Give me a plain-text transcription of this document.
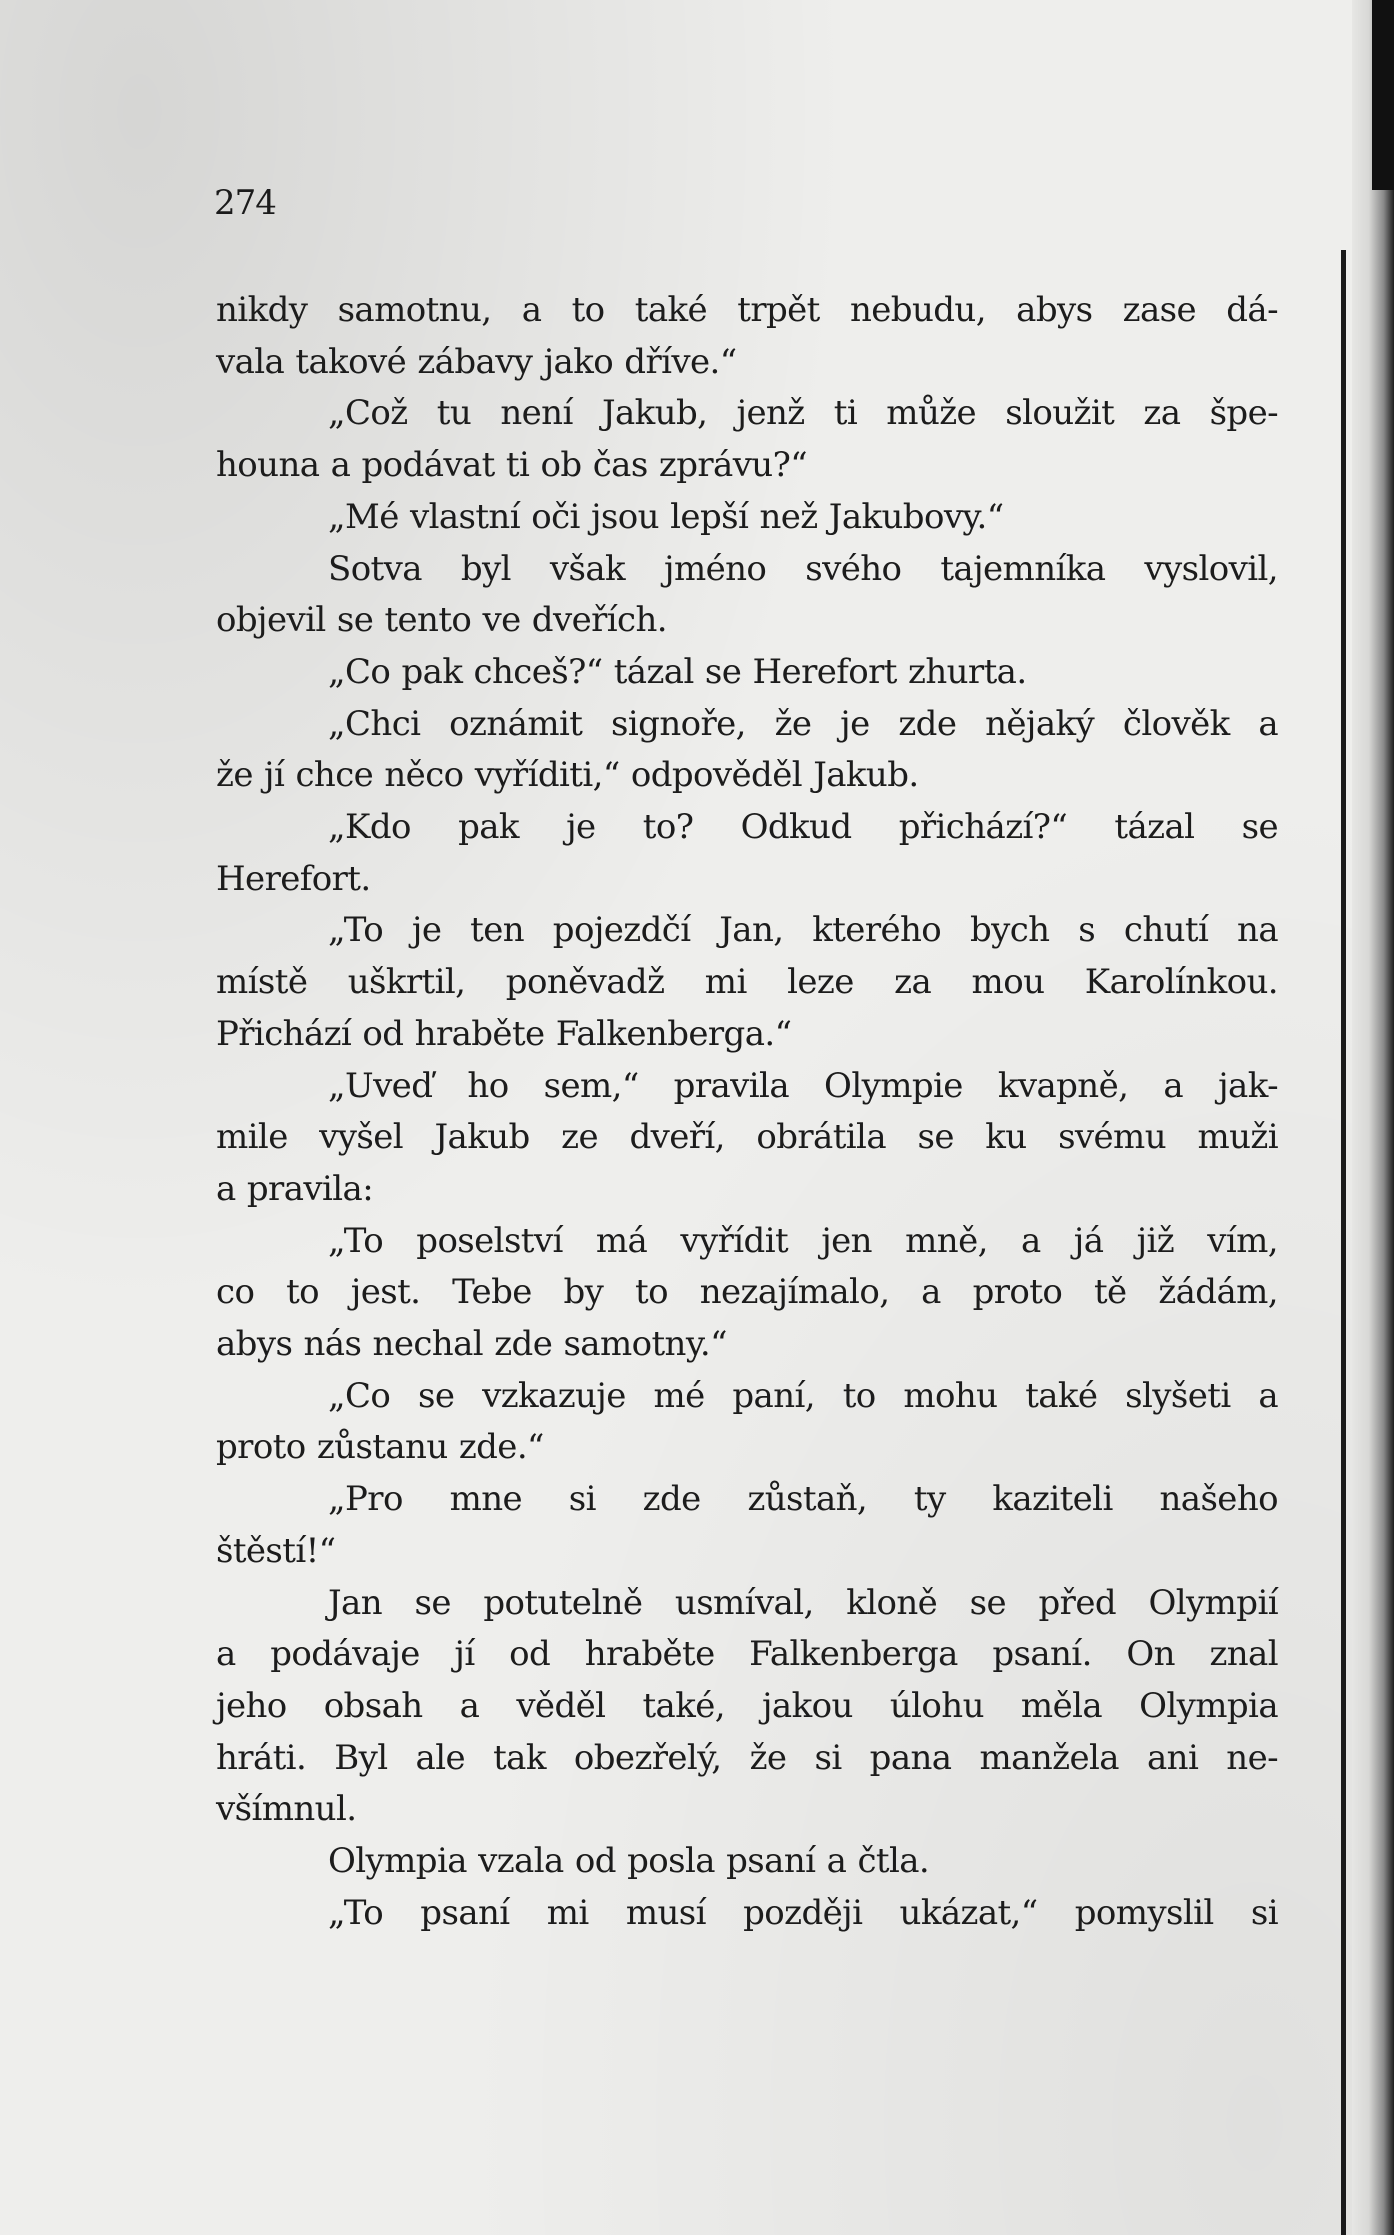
274
nikdy samotnu, a to také trpět nebudu, abys zase dá-
vala takové zábavy jako dříve.“
„Což tu není Jakub, jenž ti může sloužit za špe-
houna a podávat ti ob čas zprávu?“
„Mé vlastní oči jsou lepší než Jakubovy.“
Sotva byl však jméno svého tajemníka vyslovil,
objevil se tento ve dveřích.
„Co pak chceš?“ tázal se Herefort zhurta.
„Chci oznámit signoře, že je zde nějaký člověk a
že jí chce něco vyříditi,“ odpověděl Jakub.
„Kdo pak je to? Odkud přichází?“ tázal se
Herefort.
„To je ten pojezdčí Jan, kterého bych s chutí na
místě uškrtil, poněvadž mi leze za mou Karolínkou.
Přichází od hraběte Falkenberga.“
„Uveď ho sem,“ pravila Olympie kvapně, a jak-
mile vyšel Jakub ze dveří, obrátila se ku svému muži
a pravila:
„To poselství má vyřídit jen mně, a já již vím,
co to jest. Tebe by to nezajímalo, a proto tě žádám,
abys nás nechal zde samotny.“
„Co se vzkazuje mé paní, to mohu také slyšeti a
proto zůstanu zde.“
„Pro mne si zde zůstaň, ty kaziteli našeho
štěstí!“
Jan se potutelně usmíval, kloně se před Olympií
a podávaje jí od hraběte Falkenberga psaní. On znal
jeho obsah a věděl také, jakou úlohu měla Olympia
hráti. Byl ale tak obezřelý, že si pana manžela ani ne-
všímnul.
Olympia vzala od posla psaní a čtla.
„To psaní mi musí později ukázat,“ pomyslil si
